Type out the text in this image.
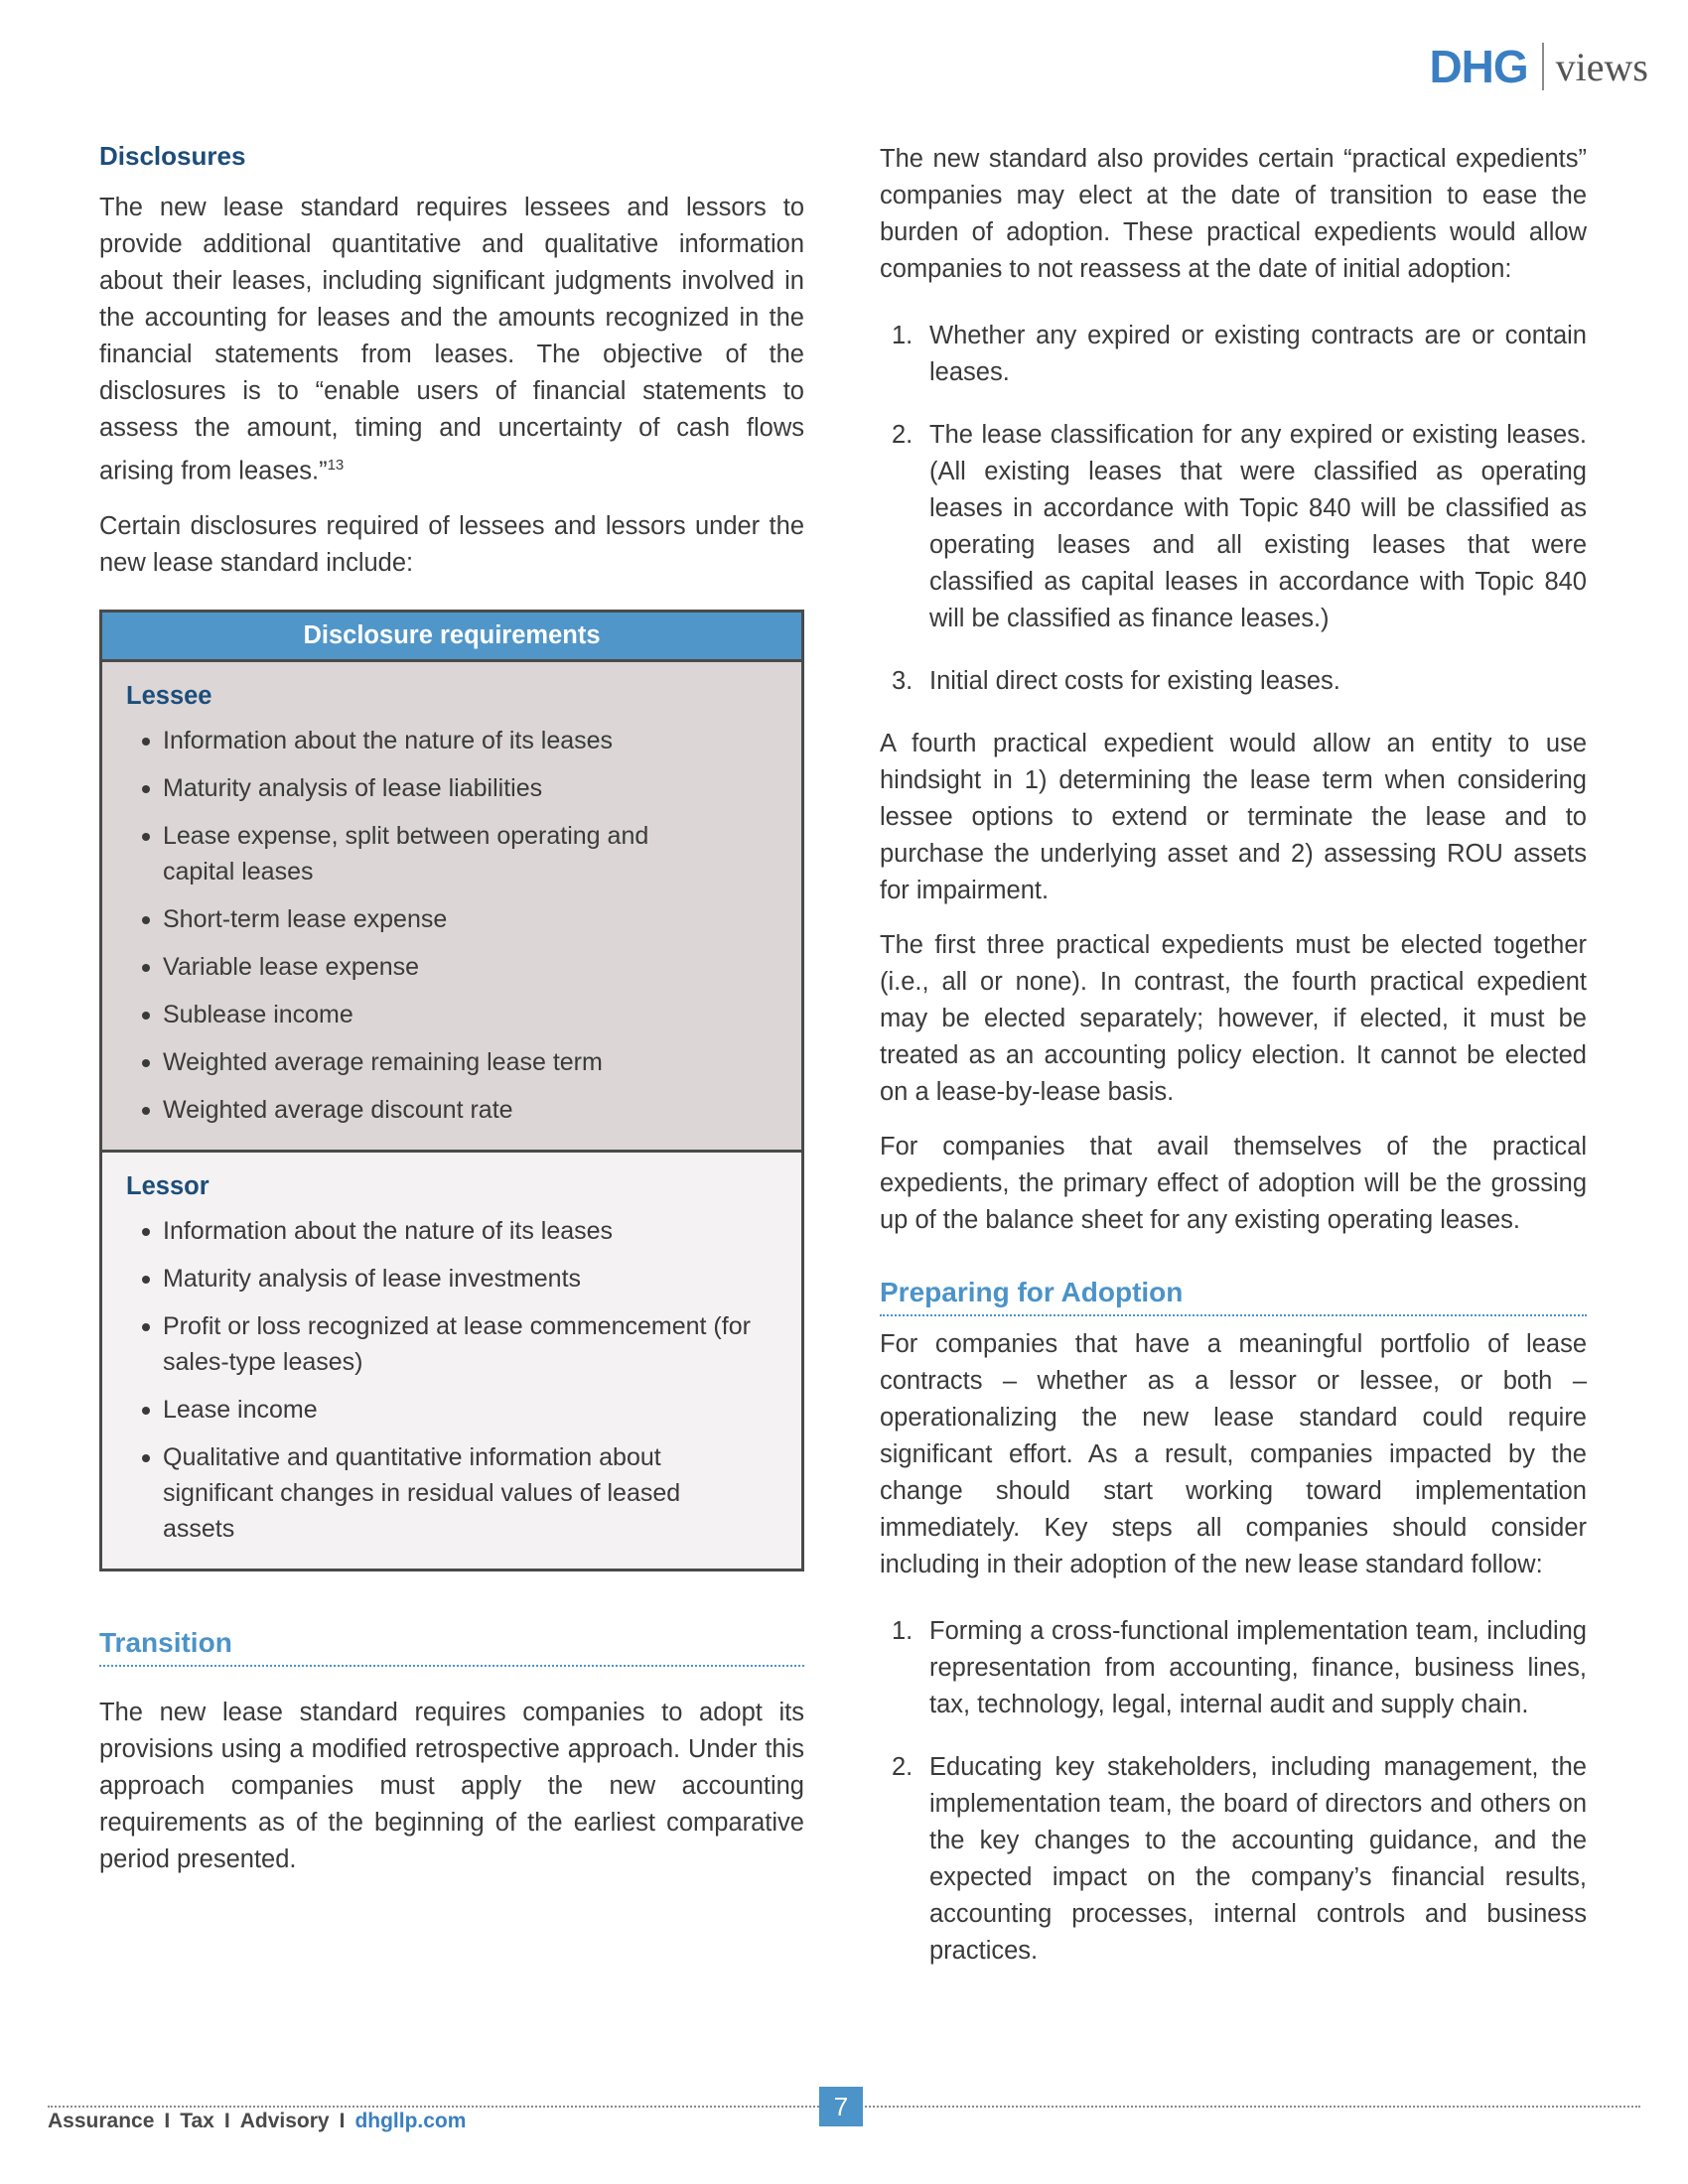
DHG views
Disclosures

The new lease standard requires lessees and lessors to provide additional quantitative and qualitative information about their leases, including significant judgments involved in the accounting for leases and the amounts recognized in the financial statements from leases. The objective of the disclosures is to “enable users of financial statements to assess the amount, timing and uncertainty of cash flows arising from leases.”$^{13}$

Certain disclosures required of lessees and lessors under the new lease standard include:

Disclosure requirements
Lessee
Information about the nature of its leases
Maturity analysis of lease liabilities
Lease expense, split between operating and capital leases
Short-term lease expense
Variable lease expense
Sublease income
Weighted average remaining lease term
Weighted average discount rate
Lessor
Information about the nature of its leases
Maturity analysis of lease investments
Profit or loss recognized at lease commencement (for sales-type leases)
Lease income
Qualitative and quantitative information about significant changes in residual values of leased assets
Transition

The new lease standard requires companies to adopt its provisions using a modified retrospective approach. Under this approach companies must apply the new accounting requirements as of the beginning of the earliest comparative period presented.

The new standard also provides certain “practical expedients” companies may elect at the date of transition to ease the burden of adoption. These practical expedients would allow companies to not reassess at the date of initial adoption:

1. Whether any expired or existing contracts are or contain leases.
2. The lease classification for any expired or existing leases. (All existing leases that were classified as operating leases in accordance with Topic 840 will be classified as operating leases and all existing leases that were classified as capital leases in accordance with Topic 840 will be classified as finance leases.)
3. Initial direct costs for existing leases.

A fourth practical expedient would allow an entity to use hindsight in 1) determining the lease term when considering lessee options to extend or terminate the lease and to purchase the underlying asset and 2) assessing ROU assets for impairment.

The first three practical expedients must be elected together (i.e., all or none). In contrast, the fourth practical expedient may be elected separately; however, if elected, it must be treated as an accounting policy election. It cannot be elected on a lease-by-lease basis.

For companies that avail themselves of the practical expedients, the primary effect of adoption will be the grossing up of the balance sheet for any existing operating leases.

Preparing for Adoption

For companies that have a meaningful portfolio of lease contracts – whether as a lessor or lessee, or both – operationalizing the new lease standard could require significant effort. As a result, companies impacted by the change should start working toward implementation immediately. Key steps all companies should consider including in their adoption of the new lease standard follow:

1. Forming a cross-functional implementation team, including representation from accounting, finance, business lines, tax, technology, legal, internal audit and supply chain.
2. Educating key stakeholders, including management, the implementation team, the board of directors and others on the key changes to the accounting guidance, and the expected impact on the company’s financial results, accounting processes, internal controls and business practices.
7
Assurance I Tax I Advisory I dhgllp.com
